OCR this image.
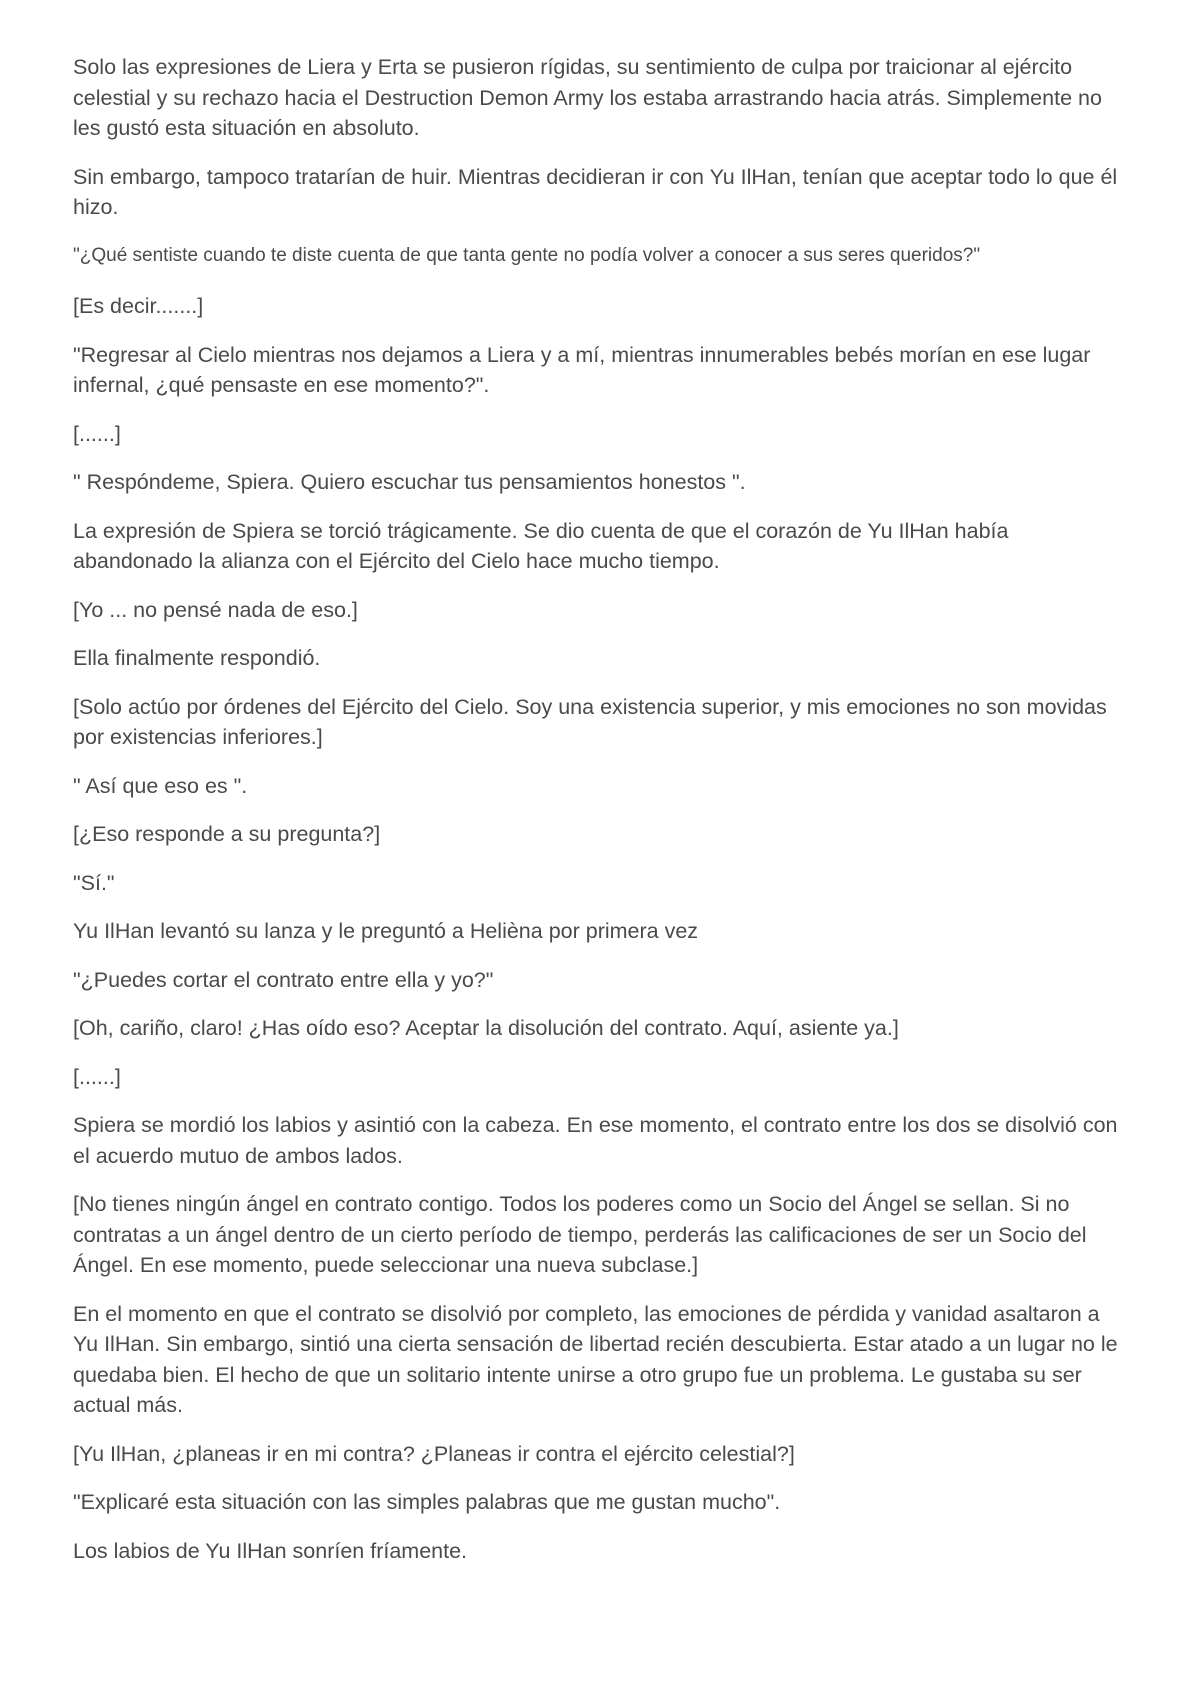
Solo las expresiones de Liera y Erta se pusieron rígidas, su sentimiento de culpa por traicionar al ejército celestial y su rechazo hacia el Destruction Demon Army los estaba arrastrando hacia atrás. Simplemente no les gustó esta situación en absoluto.

Sin embargo, tampoco tratarían de huir. Mientras decidieran ir con Yu IlHan, tenían que aceptar todo lo que él hizo.

"¿Qué sentiste cuando te diste cuenta de que tanta gente no podía volver a conocer a sus seres queridos?"

[Es decir.......]

"Regresar al Cielo mientras nos dejamos a Liera y a mí, mientras innumerables bebés morían en ese lugar infernal, ¿qué pensaste en ese momento?".

[......]

" Respóndeme, Spiera. Quiero escuchar tus pensamientos honestos ".

La expresión de Spiera se torció trágicamente. Se dio cuenta de que el corazón de Yu IlHan había abandonado la alianza con el Ejército del Cielo hace mucho tiempo.

[Yo ... no pensé nada de eso.]

Ella finalmente respondió.

[Solo actúo por órdenes del Ejército del Cielo. Soy una existencia superior, y mis emociones no son movidas por existencias inferiores.]

" Así que eso es ".

[¿Eso responde a su pregunta?]

"Sí."

Yu IlHan levantó su lanza y le preguntó a Helièna por primera vez

"¿Puedes cortar el contrato entre ella y yo?"

[Oh, cariño, claro! ¿Has oído eso? Aceptar la disolución del contrato. Aquí, asiente ya.]

[......]

Spiera se mordió los labios y asintió con la cabeza. En ese momento, el contrato entre los dos se disolvió con el acuerdo mutuo de ambos lados.

[No tienes ningún ángel en contrato contigo. Todos los poderes como un Socio del Ángel se sellan. Si no contratas a un ángel dentro de un cierto período de tiempo, perderás las calificaciones de ser un Socio del Ángel. En ese momento, puede seleccionar una nueva subclase.]

En el momento en que el contrato se disolvió por completo, las emociones de pérdida y vanidad asaltaron a Yu IlHan. Sin embargo, sintió una cierta sensación de libertad recién descubierta. Estar atado a un lugar no le quedaba bien. El hecho de que un solitario intente unirse a otro grupo fue un problema. Le gustaba su ser actual más.

[Yu IlHan, ¿planeas ir en mi contra? ¿Planeas ir contra el ejército celestial?]

"Explicaré esta situación con las simples palabras que me gustan mucho".

Los labios de Yu IlHan sonríen fríamente.
